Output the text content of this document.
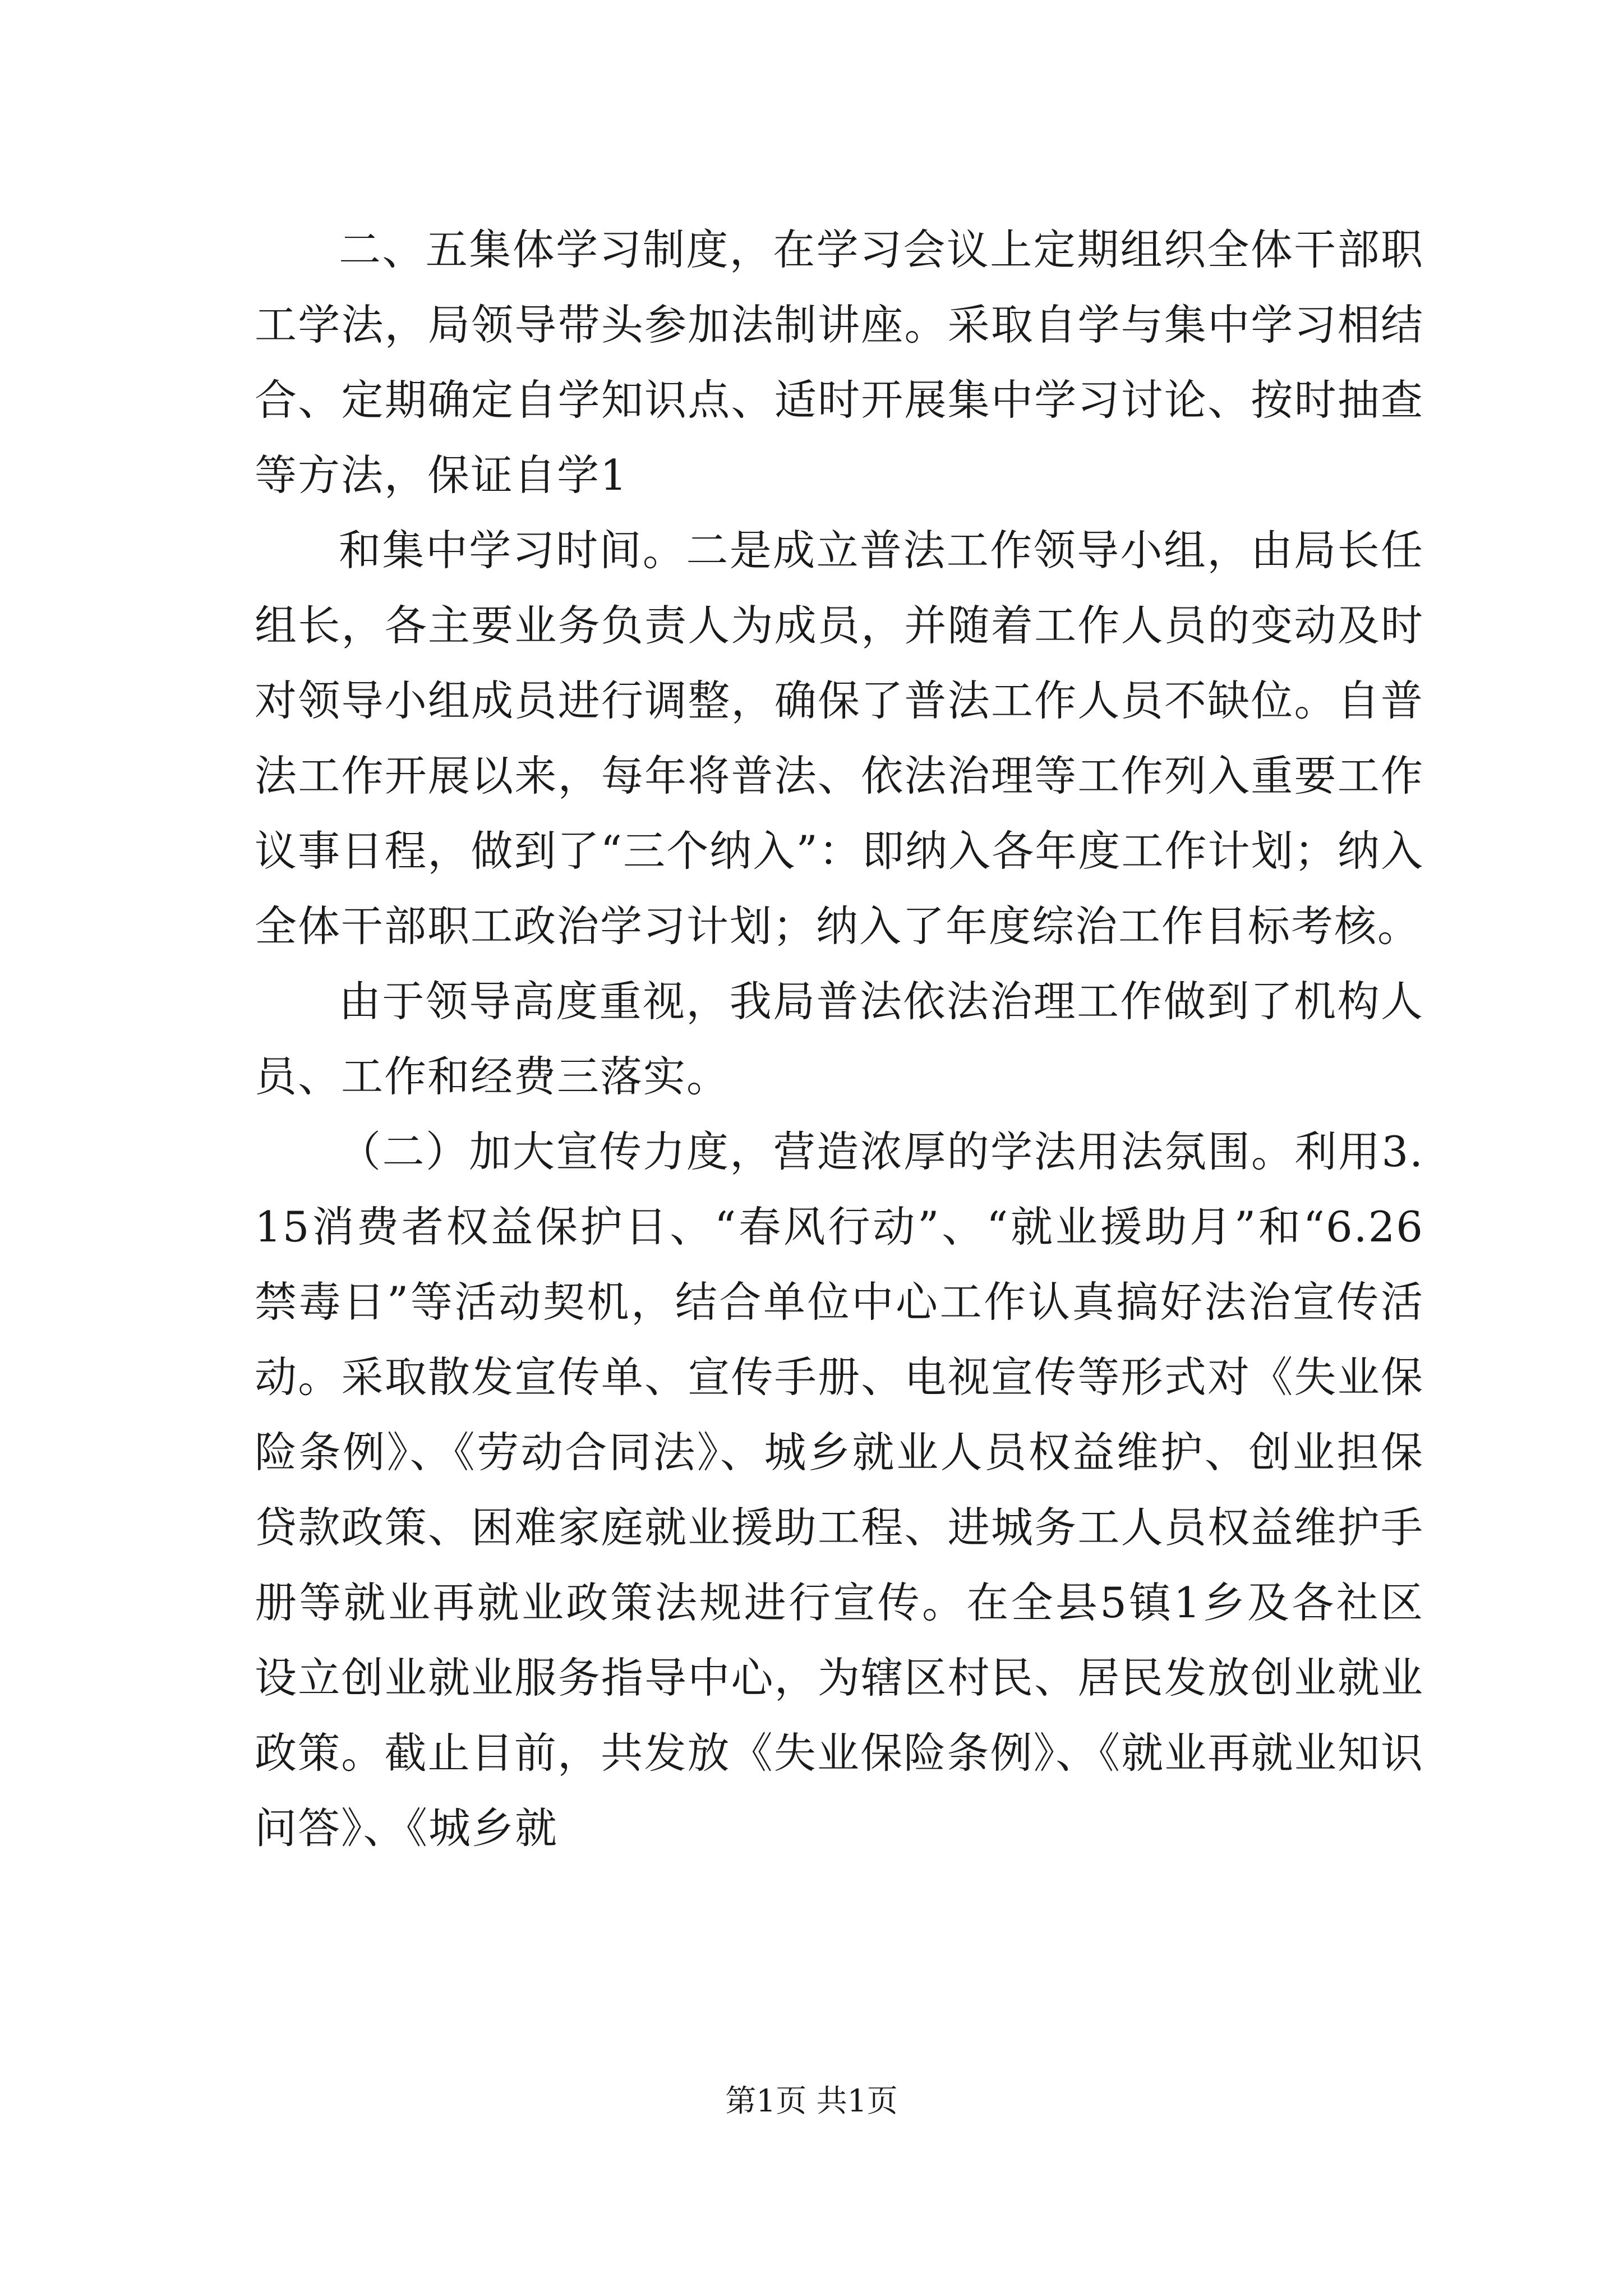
二、五集体学习制度，在学习会议上定期组织全体干部职工学法，局领导带头参加法制讲座。采取自学与集中学习相结合、定期确定自学知识点、适时开展集中学习讨论、按时抽查等方法，保证自学1

和集中学习时间。二是成立普法工作领导小组，由局长任组长，各主要业务负责人为成员，并随着工作人员的变动及时对领导小组成员进行调整，确保了普法工作人员不缺位。自普法工作开展以来，每年将普法、依法治理等工作列入重要工作议事日程，做到了“三个纳入”：即纳入各年度工作计划；纳入全体干部职工政治学习计划；纳入了年度综治工作目标考核。

由于领导高度重视，我局普法依法治理工作做到了机构人员、工作和经费三落实。

（二）加大宣传力度，营造浓厚的学法用法氛围。利用3.15消费者权益保护日、“春风行动”、“就业援助月”和“6.26禁毒日”等活动契机，结合单位中心工作认真搞好法治宣传活动。采取散发宣传单、宣传手册、电视宣传等形式对《失业保险条例》、《劳动合同法》、城乡就业人员权益维护、创业担保贷款政策、困难家庭就业援助工程、进城务工人员权益维护手册等就业再就业政策法规进行宣传。在全县5镇1乡及各社区设立创业就业服务指导中心，为辖区村民、居民发放创业就业政策。截止目前，共发放《失业保险条例》、《就业再就业知识问答》、《城乡就

第1页 共1页
